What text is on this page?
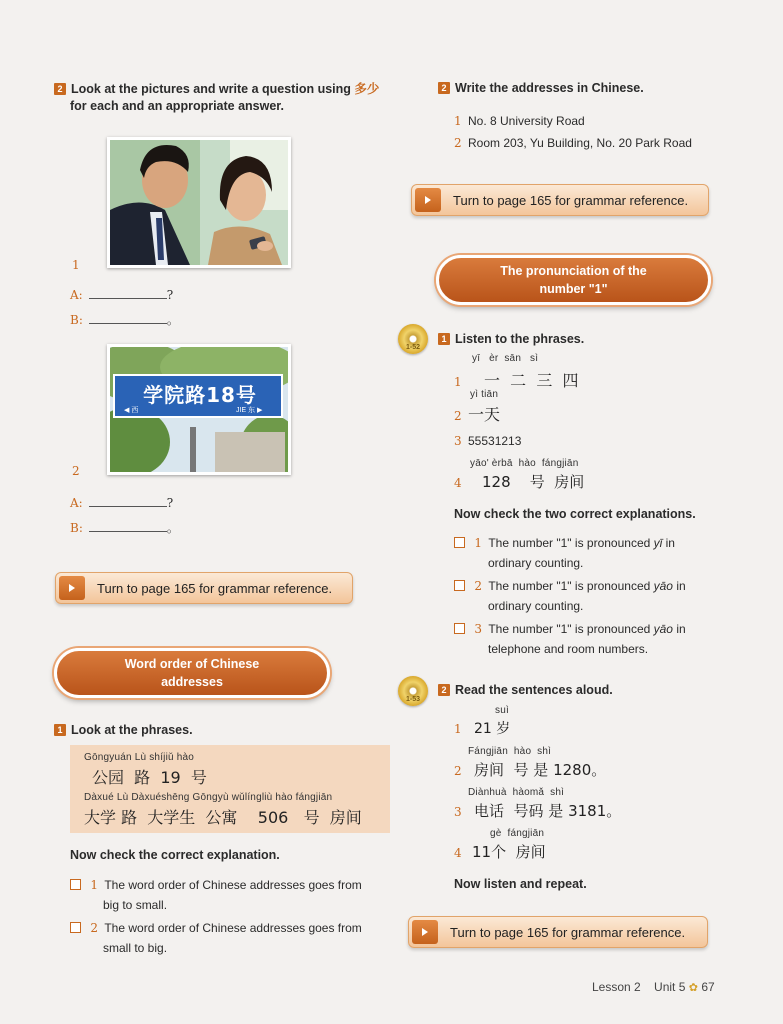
2 Look at the pictures and write a question using 多少
for each and an appropriate answer.
1
A:	?
B:	。
学院路18号
◀ 西	JIE 东 ▶
2
A:	?
B:	。
Turn to page 165 for grammar reference.
Word order of Chinese addresses
1 Look at the phrases.
Gōngyuán Lù shíjiǔ hào
公园  路  19  号
Dàxué Lù Dàxuéshēng Gōngyù wǔlíngliù hào fángjiān
大学 路  大学生  公寓    506   号  房间
Now check the correct explanation.
1 The word order of Chinese addresses goes from
big to small.
2 The word order of Chinese addresses goes from
small to big.
2 Write the addresses in Chinese.
1 No. 8 University Road
2 Room 203, Yu Building, No. 20 Park Road
Turn to page 165 for grammar reference.
The pronunciation of the number "1"
1-52
1 Listen to the phrases.
yī   èr  sān   sì
1 一  二  三  四
yì tiān
2 一天
3 55531213
yāo' èrbā  hào  fángjiān
4 128    号  房间
Now check the two correct explanations.
1 The number "1" is pronounced yī in
ordinary counting.
2 The number "1" is pronounced yāo in
ordinary counting.
3 The number "1" is pronounced yāo in
telephone and room numbers.
1-53
2 Read the sentences aloud.
suì
1 21 岁
Fángjiān  hào  shì
2 房间  号 是 1280。
Diànhuà  hàomǎ  shì
3 电话  号码 是 3181。
gè  fángjiān
4 11个  房间
Now listen and repeat.
Turn to page 165 for grammar reference.
Lesson 2 Unit 5 ✿ 67
